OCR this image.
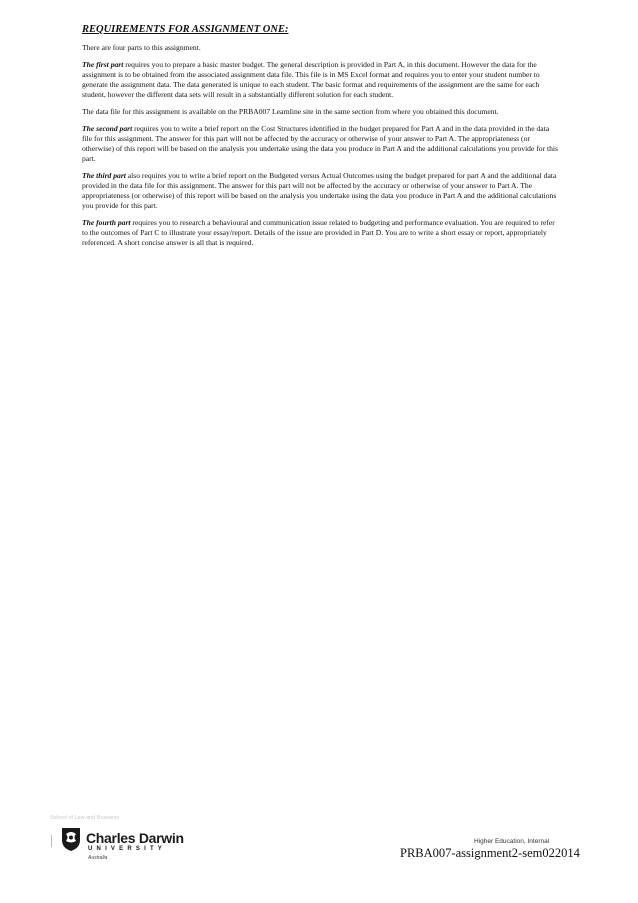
REQUIREMENTS FOR ASSIGNMENT ONE:

There are four parts to this assignment.

The first part requires you to prepare a basic master budget. The general description is provided in Part A, in this document. However the data for the assignment is to be obtained from the associated assignment data file. This file is in MS Excel format and requires you to enter your student number to generate the assignment data. The data generated is unique to each student. The basic format and requirements of the assignment are the same for each student, however the different data sets will result in a substantially different solution for each student.

The data file for this assignment is available on the PRBA007 Learnline site in the same section from where you obtained this document.

The second part requires you to write a brief report on the Cost Structures identified in the budget prepared for Part A and in the data provided in the data file for this assignment. The answer for this part will not be affected by the accuracy or otherwise of your answer to Part A. The appropriateness (or otherwise) of this report will be based on the analysis you undertake using the data you produce in Part A and the additional calculations you provide for this part.

The third part also requires you to write a brief report on the Budgeted versus Actual Outcomes using the budget prepared for part A and the additional data provided in the data file for this assignment. The answer for this part will not be affected by the accuracy or otherwise of your answer to Part A. The appropriateness (or otherwise) of this report will be based on the analysis you undertake using the data you produce in Part A and the additional calculations you provide for this part.

The fourth part requires you to research a behavioural and communication issue related to budgeting and performance evaluation. You are required to refer to the outcomes of Part C to illustrate your essay/report. Details of the issue are provided in Part D. You are to write a short essay or report, appropriately referenced. A short concise answer is all that is required.

School of Law and Business
Charles Darwin
UNIVERSITY
Australia
Higher Education, Internal
PRBA007-assignment2-sem022014
